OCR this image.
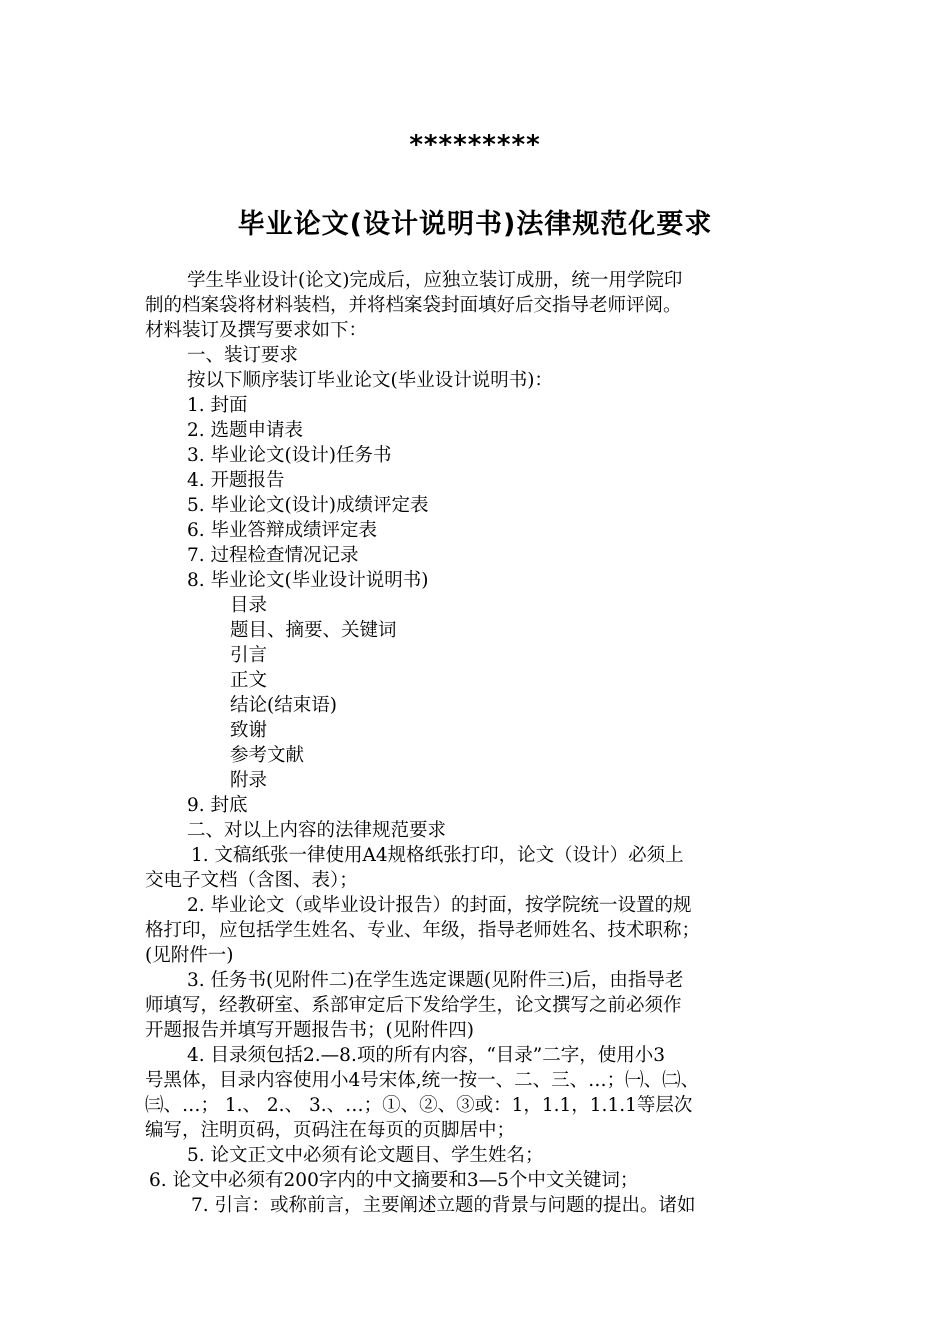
*********
毕业论文(设计说明书)法律规范化要求

学生毕业设计(论文)完成后，应独立装订成册，统一用学院印

制的档案袋将材料装档，并将档案袋封面填好后交指导老师评阅。

材料装订及撰写要求如下：

一、装订要求

按以下顺序装订毕业论文(毕业设计说明书)：

1. 封面

2. 选题申请表

3. 毕业论文(设计)任务书

4. 开题报告

5. 毕业论文(设计)成绩评定表

6. 毕业答辩成绩评定表

7. 过程检查情况记录

8. 毕业论文(毕业设计说明书)

目录

题目、摘要、关键词

引言

正文

结论(结束语)

致谢

参考文献

附录

9. 封底

二、对以上内容的法律规范要求

1. 文稿纸张一律使用A4规格纸张打印，论文（设计）必须上

交电子文档（含图、表）；

2. 毕业论文（或毕业设计报告）的封面，按学院统一设置的规

格打印，应包括学生姓名、专业、年级，指导老师姓名、技术职称；

(见附件一)

3. 任务书(见附件二)在学生选定课题(见附件三)后，由指导老

师填写，经教研室、系部审定后下发给学生，论文撰写之前必须作

开题报告并填写开题报告书；(见附件四)

4. 目录须包括2.—8.项的所有内容，“目录”二字，使用小3

号黑体，目录内容使用小4号宋体,统一按一、二、三、…；㈠、㈡、

㈢、…； 1.、 2.、 3.、…；①、②、③或：1，1.1，1.1.1等层次

编写，注明页码，页码注在每页的页脚居中；

5. 论文正文中必须有论文题目、学生姓名；

6. 论文中必须有200字内的中文摘要和3—5个中文关键词；

7. 引言：或称前言，主要阐述立题的背景与问题的提出。诸如
